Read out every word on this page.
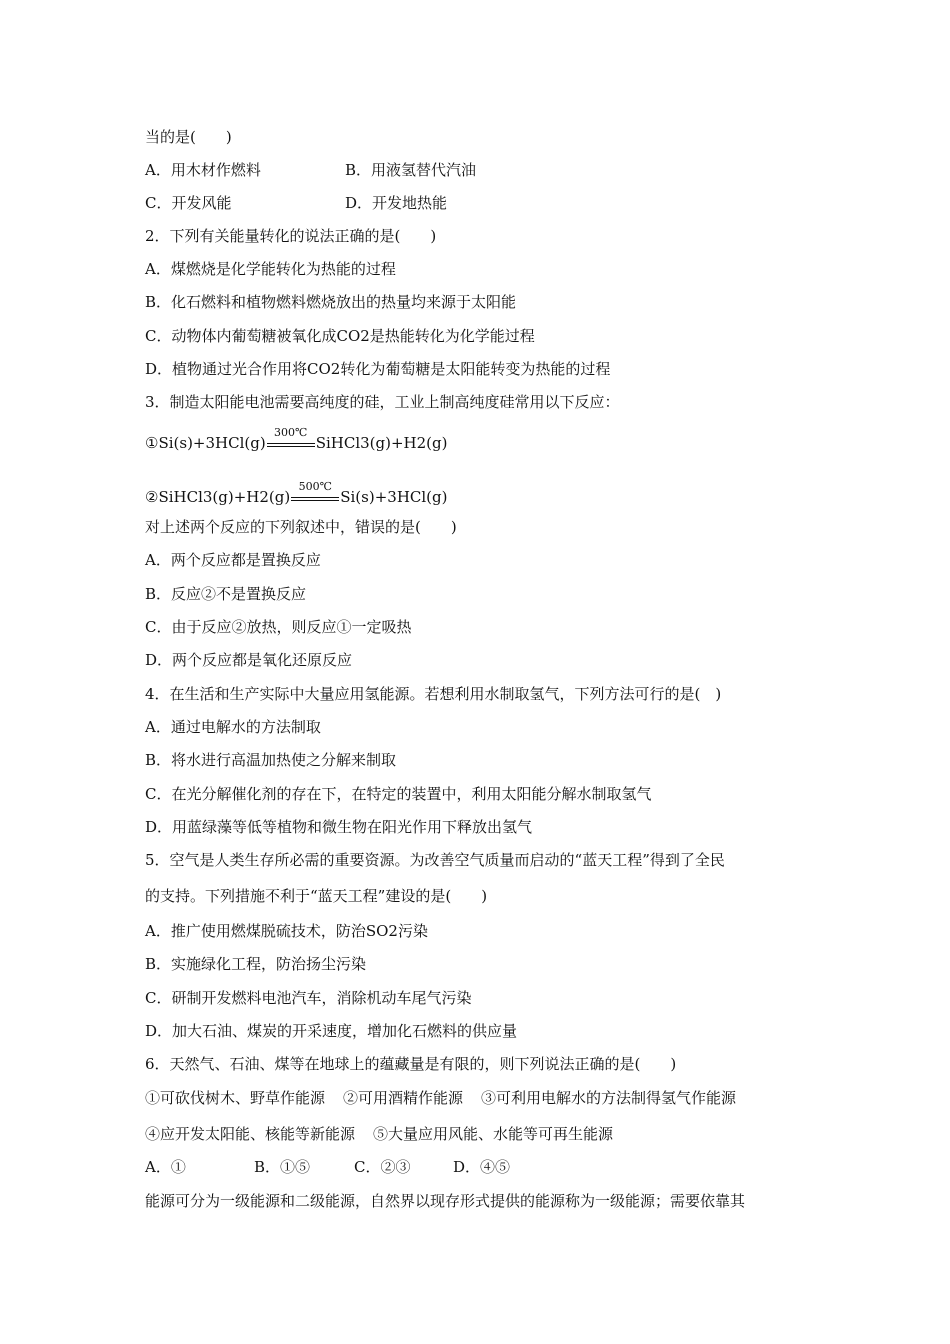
当的是(　　)
A．用木材作燃料	B．用液氢替代汽油
C．开发风能	D．开发地热能
2．下列有关能量转化的说法正确的是(　　)
A．煤燃烧是化学能转化为热能的过程
B．化石燃料和植物燃料燃烧放出的热量均来源于太阳能
C．动物体内葡萄糖被氧化成CO2是热能转化为化学能过程
D．植物通过光合作用将CO2转化为葡萄糖是太阳能转变为热能的过程
3．制造太阳能电池需要高纯度的硅，工业上制高纯度硅常用以下反应：
①Si(s)+3HCl(g)
300℃
SiHCl3(g)+H2(g)
②SiHCl3(g)+H2(g)
500℃
Si(s)+3HCl(g)
对上述两个反应的下列叙述中，错误的是(　　)
A．两个反应都是置换反应
B．反应②不是置换反应
C．由于反应②放热，则反应①一定吸热
D．两个反应都是氧化还原反应
4．在生活和生产实际中大量应用氢能源。若想利用水制取氢气，下列方法可行的是(　)
A．通过电解水的方法制取
B．将水进行高温加热使之分解来制取
C．在光分解催化剂的存在下，在特定的装置中，利用太阳能分解水制取氢气
D．用蓝绿藻等低等植物和微生物在阳光作用下释放出氢气
5．空气是人类生存所必需的重要资源。为改善空气质量而启动的“蓝天工程”得到了全民
的支持。下列措施不利于“蓝天工程”建设的是(　　)
A．推广使用燃煤脱硫技术，防治SO2污染
B．实施绿化工程，防治扬尘污染
C．研制开发燃料电池汽车，消除机动车尾气污染
D．加大石油、煤炭的开采速度，增加化石燃料的供应量
6．天然气、石油、煤等在地球上的蕴藏量是有限的，则下列说法正确的是(　　)
①可砍伐树木、野草作能源 ②可用酒精作能源 ③可利用电解水的方法制得氢气作能源
④应开发太阳能、核能等新能源 ⑤大量应用风能、水能等可再生能源
A．①	B．①⑤	C．②③	D．④⑤
能源可分为一级能源和二级能源，自然界以现存形式提供的能源称为一级能源；需要依靠其
